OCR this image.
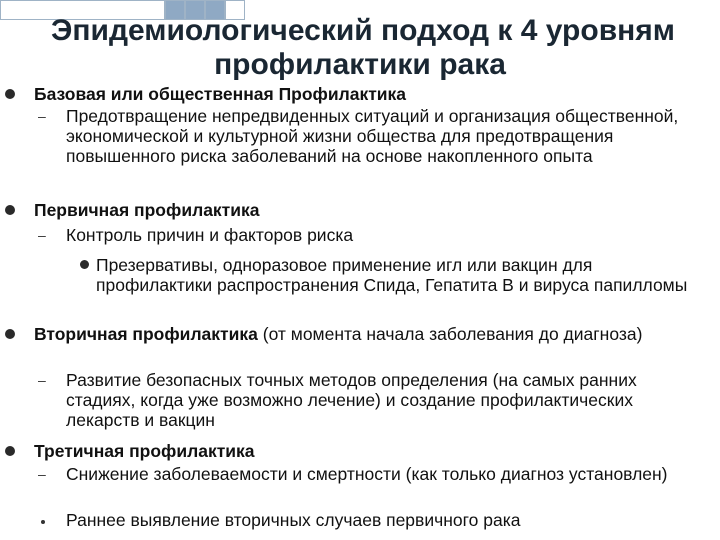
Эпидемиологический подход к 4 уровням
профилактики рака
Базовая или общественная Профилактика
– Предотвращение непредвиденных ситуаций и организация общественной, экономической и культурной жизни общества для предотвращения повышенного риска заболеваний на основе накопленного опыта
Первичная профилактика
– Контроль причин и факторов риска
Презервативы, одноразовое применение игл или вакцин для профилактики распространения Спида, Гепатита В и вируса папилломы
Вторичная профилактика (от момента начала заболевания до диагноза)
– Развитие безопасных точных методов определения (на самых ранних стадиях, когда уже возможно лечение) и создание профилактических лекарств и вакцин
Третичная профилактика
– Снижение заболеваемости и смертности (как только диагноз установлен)
Раннее выявление вторичных случаев первичного рака
